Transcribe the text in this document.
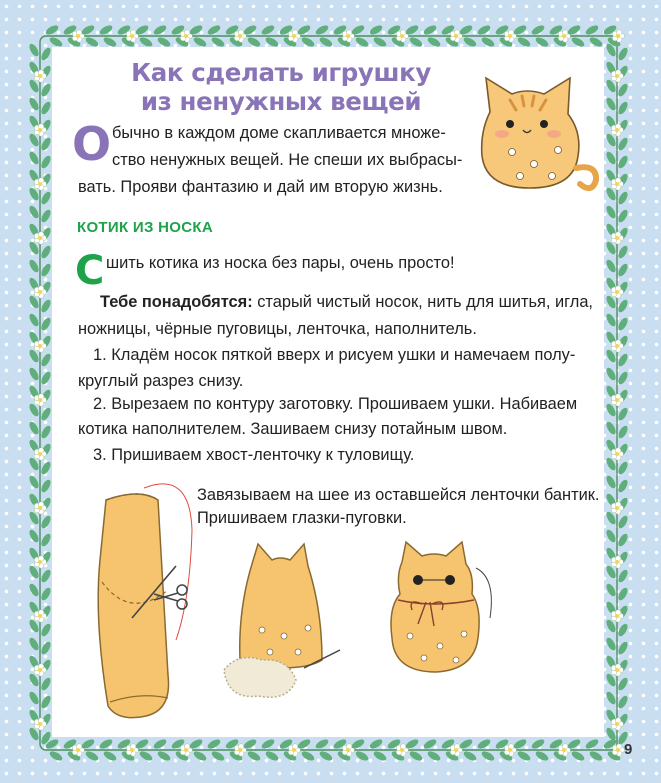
Как сделать игрушку
из ненужных вещей
О бычно в каждом доме скапливается множе-
ство ненужных вещей. Не спеши их выбрасы-
вать. Прояви фантазию и дай им вторую жизнь.
КОТИК ИЗ НОСКА
С шить котика из носка без пары, очень просто!
Тебе понадобятся: старый чистый носок, нить для шитья, игла,
ножницы, чёрные пуговицы, ленточка, наполнитель.
1. Кладём носок пяткой вверх и рисуем ушки и намечаем полу-
круглый разрез снизу.
2. Вырезаем по контуру заготовку. Прошиваем ушки. Набиваем
котика наполнителем. Зашиваем снизу потайным швом.
3. Пришиваем хвост-ленточку к туловищу.
Завязываем на шее из оставшейся ленточки бантик.
Пришиваем глазки-пуговки.
9
